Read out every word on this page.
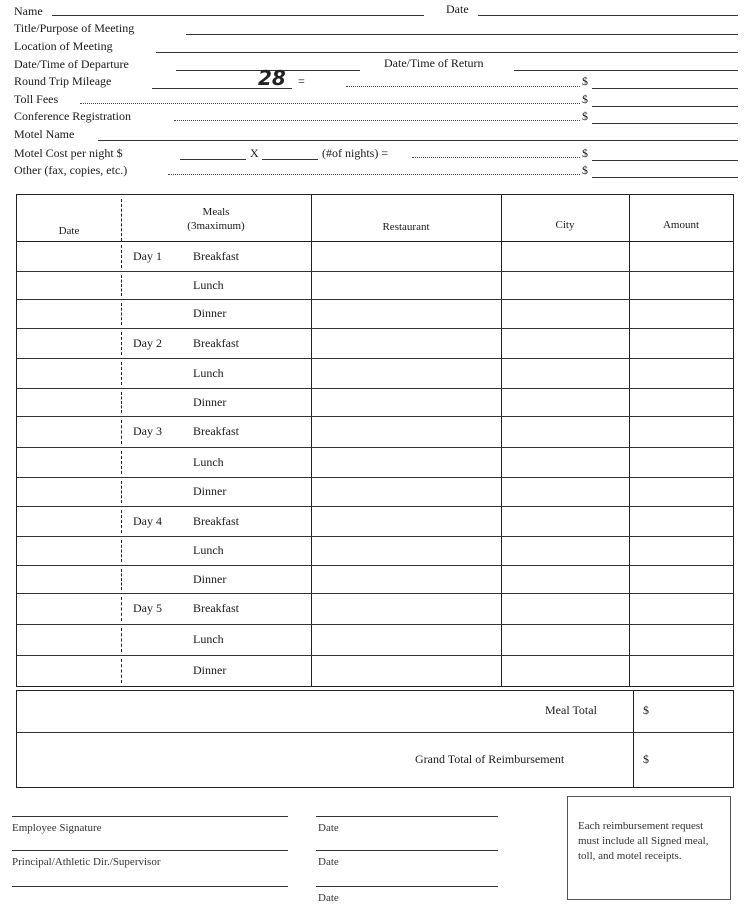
Name	Date
Title/Purpose of Meeting
Location of Meeting
Date/Time of Departure	Date/Time of Return
Round Trip Mileage	28 =	$
Toll Fees	$
Conference Registration	$
Motel Name
Motel Cost per night $	X	(#of nights) =	$
Other (fax, copies, etc.)	$
Date
Meals
(3maximum)	Restaurant	City	Amount
Day 1	Breakfast
Lunch
Dinner
Day 2	Breakfast
Lunch
Dinner
Day 3	Breakfast
Lunch
Dinner
Day 4	Breakfast
Lunch
Dinner
Day 5	Breakfast
Lunch
Dinner
Meal Total	$
Grand Total of Reimbursement	$
Employee Signature	Date
Principal/Athletic Dir./Supervisor	Date
Date
Each reimbursement request must include all Signed meal, toll, and motel receipts.
